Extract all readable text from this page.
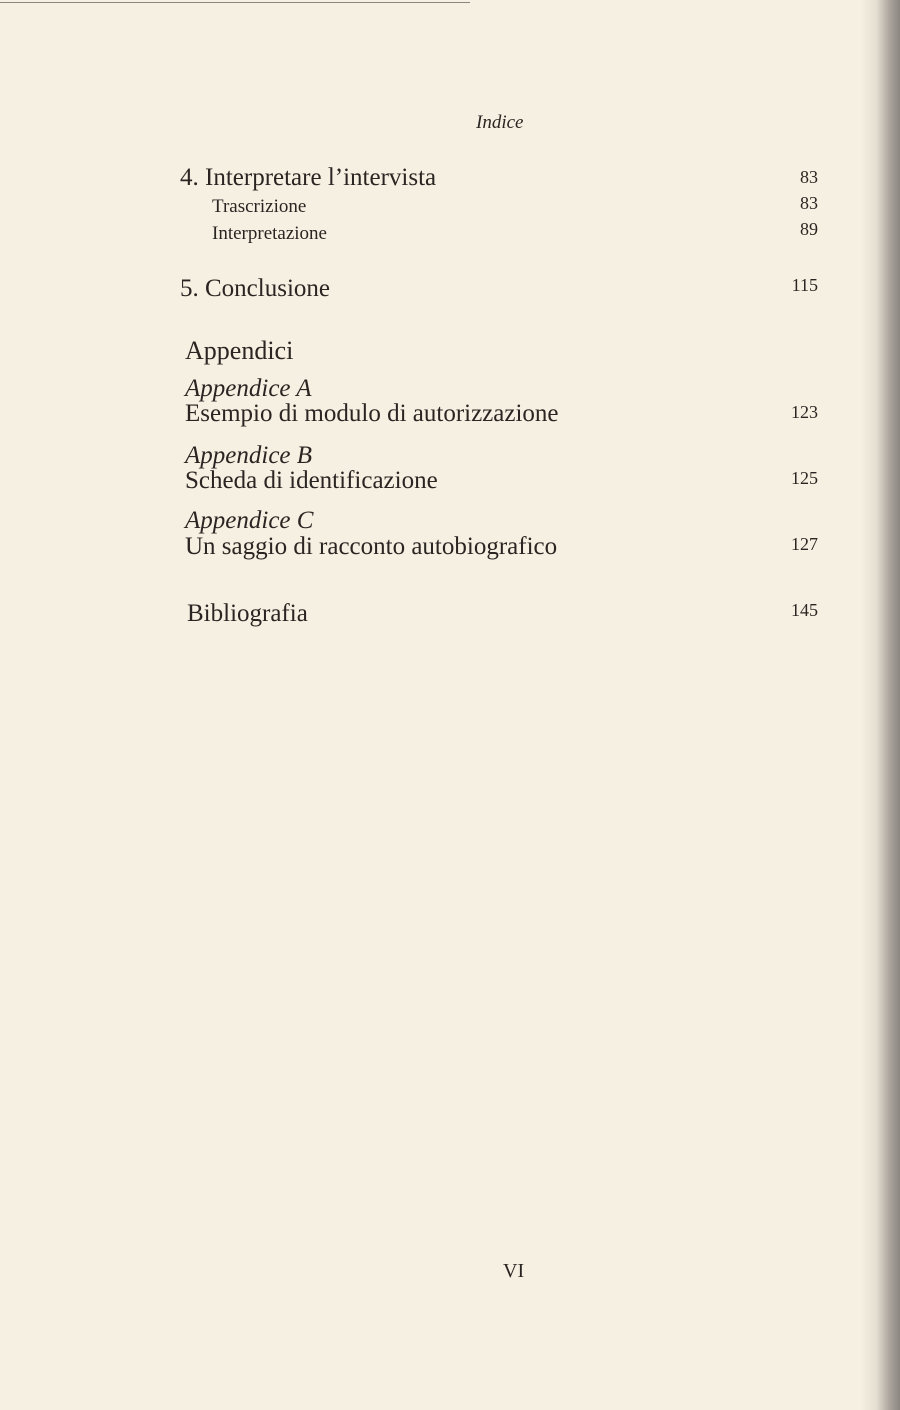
Indice
4. Interpretare l’intervista	83
Trascrizione	83
Interpretazione	89
5. Conclusione	115
Appendici
Appendice A
Esempio di modulo di autorizzazione	123
Appendice B
Scheda di identificazione	125
Appendice C
Un saggio di racconto autobiografico	127
Bibliografia	145
VI
